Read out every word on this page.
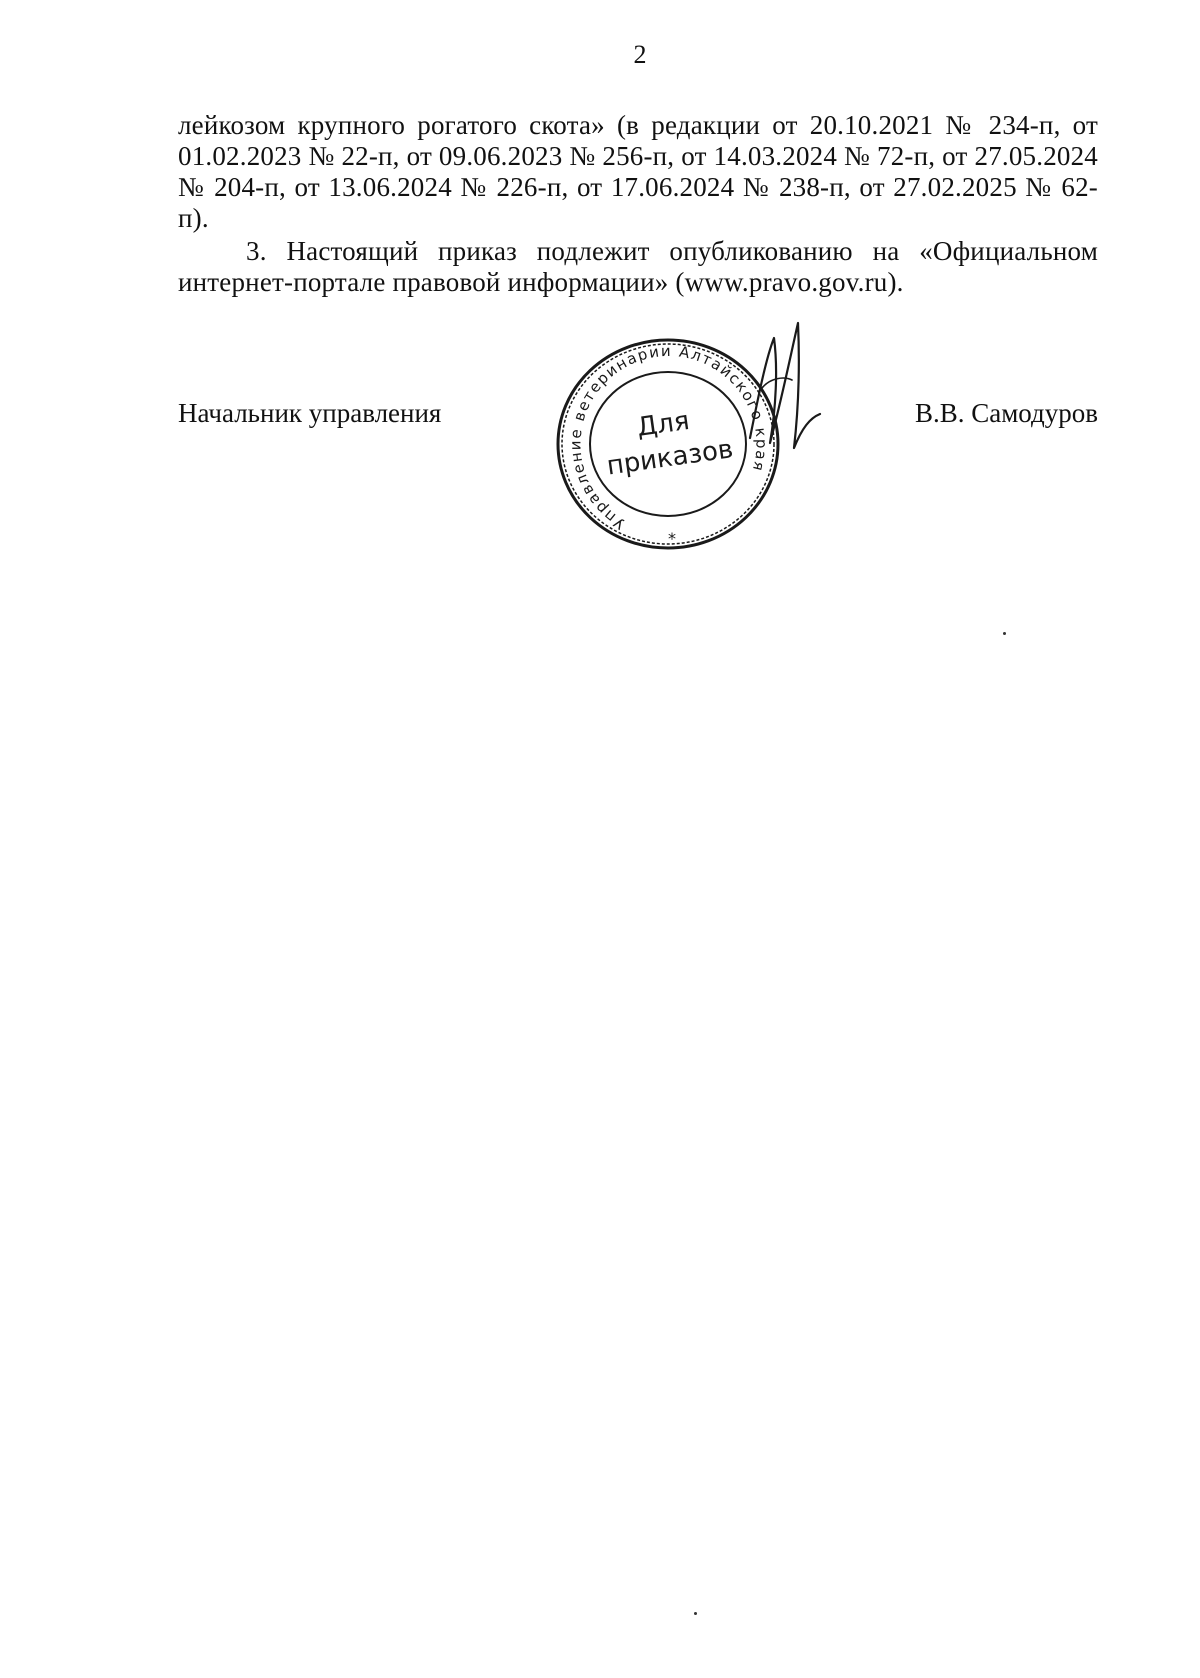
2

лейкозом крупного рогатого скота» (в редакции от 20.10.2021 № 234-п, от 01.02.2023 № 22-п, от 09.06.2023 № 256-п, от 14.03.2024 № 72-п, от 27.05.2024 № 204-п, от 13.06.2024 № 226-п, от 17.06.2024 № 238-п, от 27.02.2025 № 62-п).

3. Настоящий приказ подлежит опубликованию на «Официальном интернет-портале правовой информации» (www.pravo.gov.ru).

Начальник управления	В.В. Самодуров
Управление ветеринарии Алтайского края
Для
приказов
*
